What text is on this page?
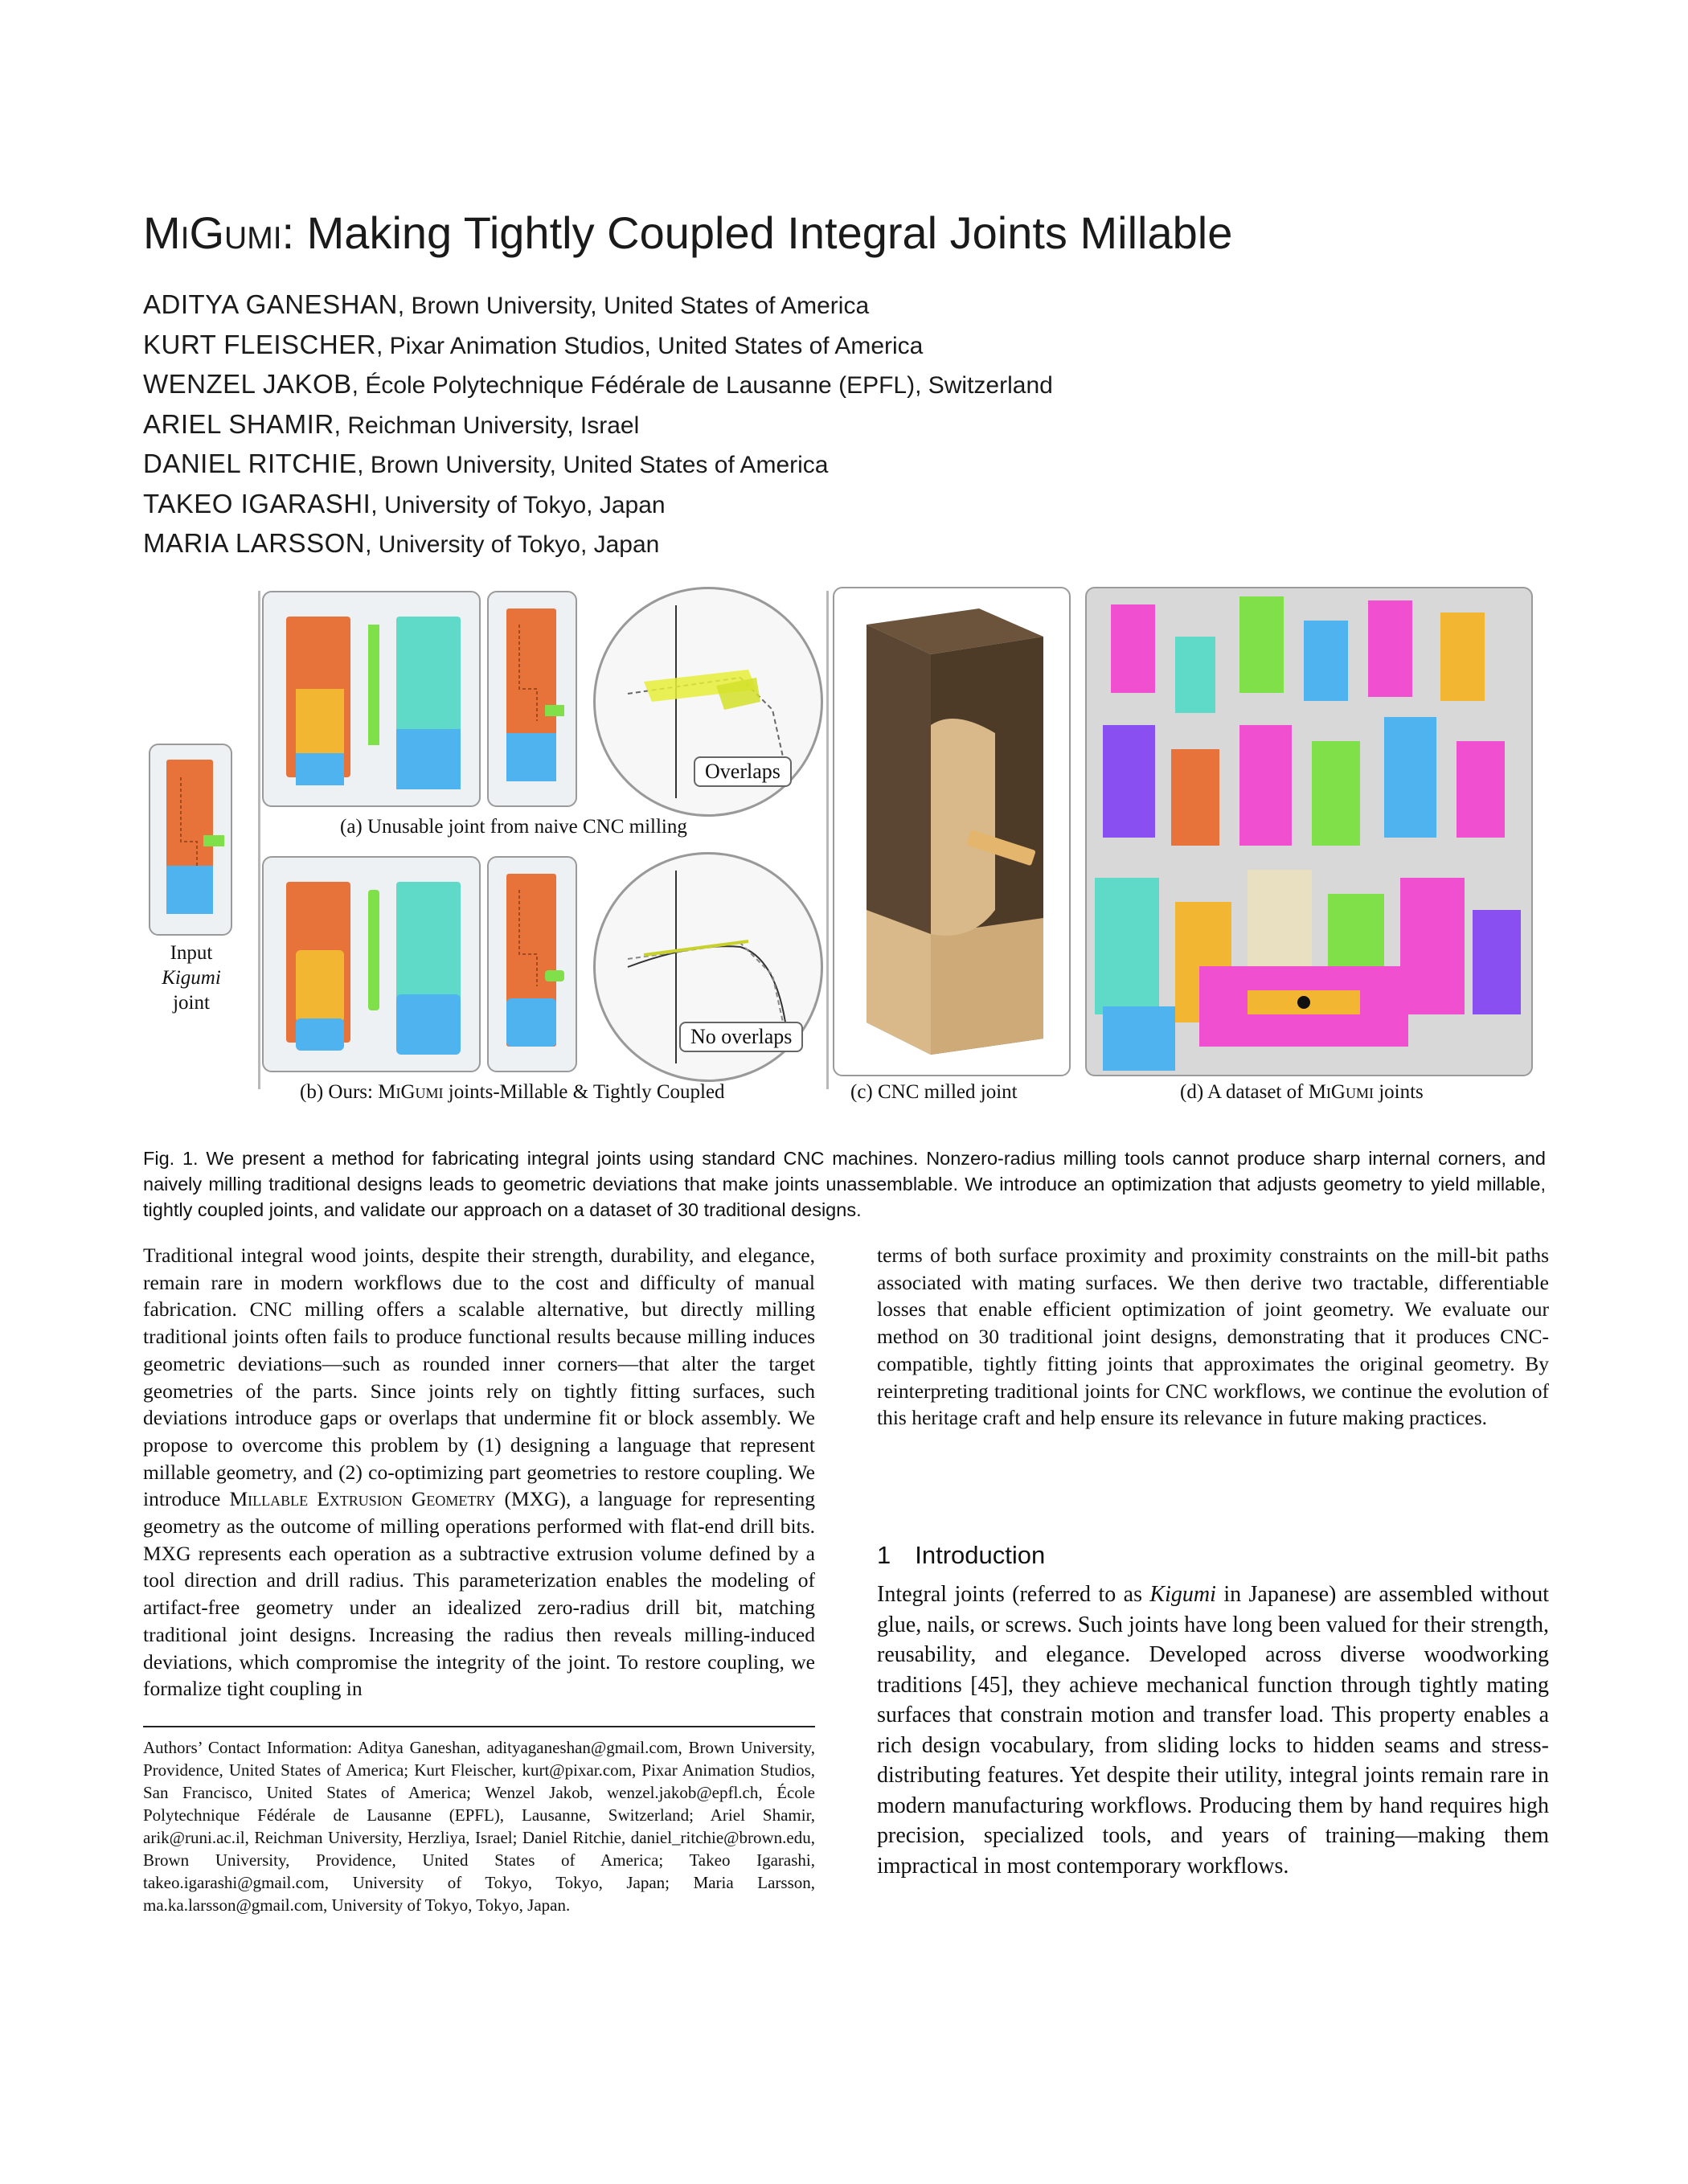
MiGumi: Making Tightly Coupled Integral Joints Millable
ADITYA GANESHAN, Brown University, United States of America
KURT FLEISCHER, Pixar Animation Studios, United States of America
WENZEL JAKOB, École Polytechnique Fédérale de Lausanne (EPFL), Switzerland
ARIEL SHAMIR, Reichman University, Israel
DANIEL RITCHIE, Brown University, United States of America
TAKEO IGARASHI, University of Tokyo, Japan
MARIA LARSSON, University of Tokyo, Japan
Input
Kigumi
joint
Overlaps
(a) Unusable joint from naive CNC milling
No overlaps
(b) Ours: MiGumi joints-Millable & Tightly Coupled	(c) CNC milled joint	(d) A dataset of MiGumi joints
Fig. 1. We present a method for fabricating integral joints using standard CNC machines. Nonzero-radius milling tools cannot produce sharp internal corners, and naively milling traditional designs leads to geometric deviations that make joints unassemblable. We introduce an optimization that adjusts geometry to yield millable, tightly coupled joints, and validate our approach on a dataset of 30 traditional designs.
Traditional integral wood joints, despite their strength, durability, and elegance, remain rare in modern workflows due to the cost and difficulty of manual fabrication. CNC milling offers a scalable alternative, but directly milling traditional joints often fails to produce functional results because milling induces geometric deviations—such as rounded inner corners—that alter the target geometries of the parts. Since joints rely on tightly fitting surfaces, such deviations introduce gaps or overlaps that undermine fit or block assembly. We propose to overcome this problem by (1) designing a language that represent millable geometry, and (2) co-optimizing part geometries to restore coupling. We introduce Millable Extrusion Geometry (MXG), a language for representing geometry as the outcome of milling operations performed with flat-end drill bits. MXG represents each operation as a subtractive extrusion volume defined by a tool direction and drill radius. This parameterization enables the modeling of artifact-free geometry under an idealized zero-radius drill bit, matching traditional joint designs. Increasing the radius then reveals milling-induced deviations, which compromise the integrity of the joint. To restore coupling, we formalize tight coupling in
terms of both surface proximity and proximity constraints on the mill-bit paths associated with mating surfaces. We then derive two tractable, differentiable losses that enable efficient optimization of joint geometry. We evaluate our method on 30 traditional joint designs, demonstrating that it produces CNC-compatible, tightly fitting joints that approximates the original geometry. By reinterpreting traditional joints for CNC workflows, we continue the evolution of this heritage craft and help ensure its relevance in future making practices.
Authors’ Contact Information: Aditya Ganeshan, adityaganeshan@gmail.com, Brown University, Providence, United States of America; Kurt Fleischer, kurt@pixar.com, Pixar Animation Studios, San Francisco, United States of America; Wenzel Jakob, wenzel.jakob@epfl.ch, École Polytechnique Fédérale de Lausanne (EPFL), Lausanne, Switzerland; Ariel Shamir, arik@runi.ac.il, Reichman University, Herzliya, Israel; Daniel Ritchie, daniel_ritchie@brown.edu, Brown University, Providence, United States of America; Takeo Igarashi, takeo.igarashi@gmail.com, University of Tokyo, Tokyo, Japan; Maria Larsson, ma.ka.larsson@gmail.com, University of Tokyo, Tokyo, Japan.
1 Introduction
Integral joints (referred to as Kigumi in Japanese) are assembled without glue, nails, or screws. Such joints have long been valued for their strength, reusability, and elegance. Developed across diverse woodworking traditions [45], they achieve mechanical function through tightly mating surfaces that constrain motion and transfer load. This property enables a rich design vocabulary, from sliding locks to hidden seams and stress-distributing features. Yet despite their utility, integral joints remain rare in modern manufacturing workflows. Producing them by hand requires high precision, specialized tools, and years of training—making them impractical in most contemporary workflows.
